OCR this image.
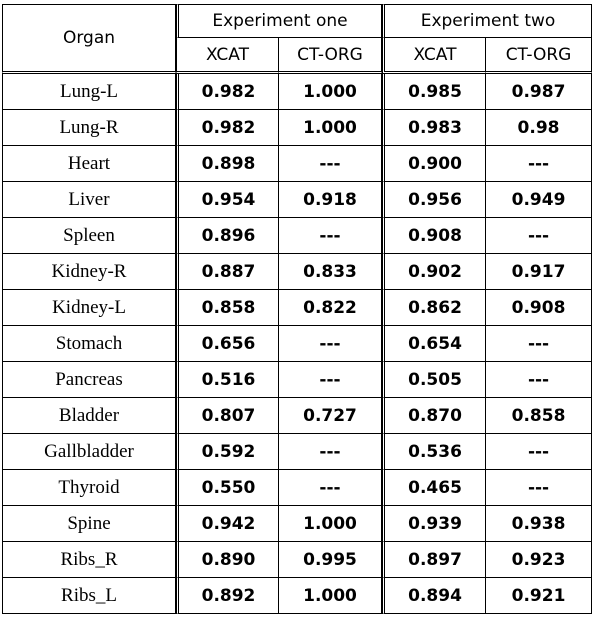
Organ	Experiment one		Experiment two	
	XCAT	CT-ORG	XCAT	CT-ORG
Lung-L	0.982	1.000	0.985	0.987
Lung-R	0.982	1.000	0.983	0.98
Heart	0.898	---	0.900	---
Liver	0.954	0.918	0.956	0.949
Spleen	0.896	---	0.908	---
Kidney-R	0.887	0.833	0.902	0.917
Kidney-L	0.858	0.822	0.862	0.908
Stomach	0.656	---	0.654	---
Pancreas	0.516	---	0.505	---
Bladder	0.807	0.727	0.870	0.858
Gallbladder	0.592	---	0.536	---
Thyroid	0.550	---	0.465	---
Spine	0.942	1.000	0.939	0.938
Ribs_R	0.890	0.995	0.897	0.923
Ribs_L	0.892	1.000	0.894	0.921
